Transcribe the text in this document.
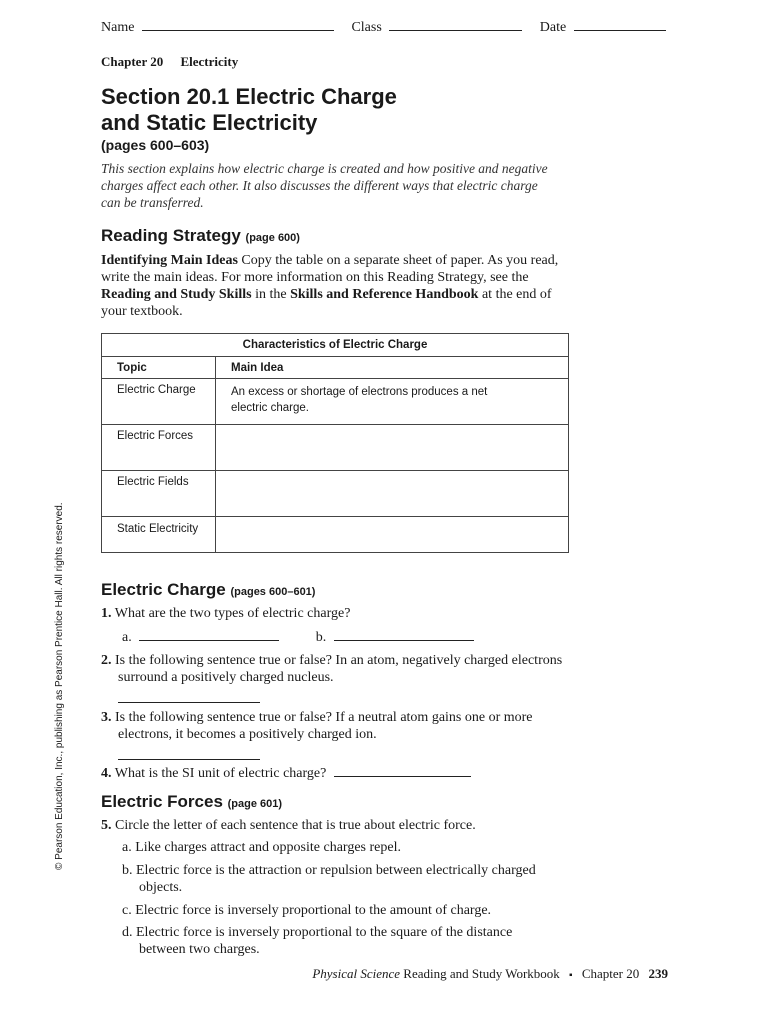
Name	Class	Date
Chapter 20 Electricity
Section 20.1 Electric Charge
and Static Electricity
(pages 600–603)
This section explains how electric charge is created and how positive and negative charges affect each other. It also discusses the different ways that electric charge can be transferred.
Reading Strategy (page 600)
Identifying Main Ideas Copy the table on a separate sheet of paper. As you read, write the main ideas. For more information on this Reading Strategy, see the Reading and Study Skills in the Skills and Reference Handbook at the end of your textbook.
Characteristics of Electric Charge
Topic	Main Idea
Electric Charge	An excess or shortage of electrons produces a net electric charge.
Electric Forces
Electric Fields
Static Electricity
Electric Charge (pages 600–601)
1. What are the two types of electric charge?
a.	b.
2. Is the following sentence true or false? In an atom, negatively charged electrons surround a positively charged nucleus.
3. Is the following sentence true or false? If a neutral atom gains one or more electrons, it becomes a positively charged ion.
4. What is the SI unit of electric charge?
Electric Forces (page 601)
5. Circle the letter of each sentence that is true about electric force.
a. Like charges attract and opposite charges repel.
b. Electric force is the attraction or repulsion between electrically charged objects.
c. Electric force is inversely proportional to the amount of charge.
d. Electric force is inversely proportional to the square of the distance between two charges.
Physical Science Reading and Study Workbook ▪ Chapter 20 239
© Pearson Education, Inc., publishing as Pearson Prentice Hall. All rights reserved.
